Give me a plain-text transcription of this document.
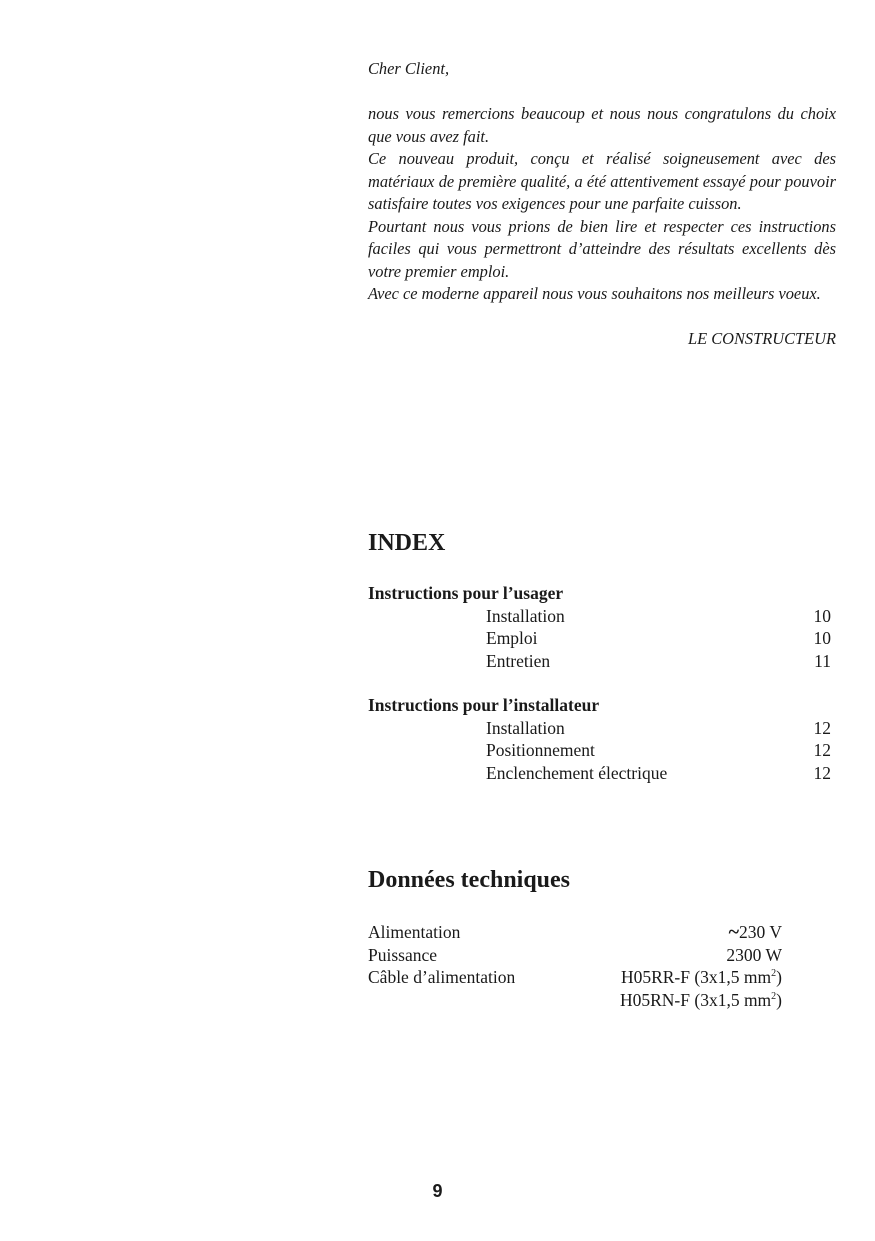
Cher Client,

nous vous remercions beaucoup et nous nous congratulons du choix que vous avez fait.

Ce nouveau produit, conçu et réalisé soigneusement avec des matériaux de première qualité, a été attentivement essayé pour pouvoir satisfaire toutes vos exigences pour une parfaite cuisson.

Pourtant nous vous prions de bien lire et respecter ces instructions faciles qui vous permettront d’atteindre des résultats excellents dès votre premier emploi.

Avec ce moderne appareil nous vous souhaitons nos meilleurs voeux.

LE CONSTRUCTEUR

INDEX
Instructions pour l’usager
Installation	10
Emploi	10
Entretien	11
Instructions pour l’installateur
Installation	12
Positionnement	12
Enclenchement électrique	12
Données techniques
Alimentation	~230 V
Puissance	2300 W
Câble d’alimentation	H05RR-F (3x1,5 $mm^2$)
H05RN-F (3x1,5 $mm^2$)
9
